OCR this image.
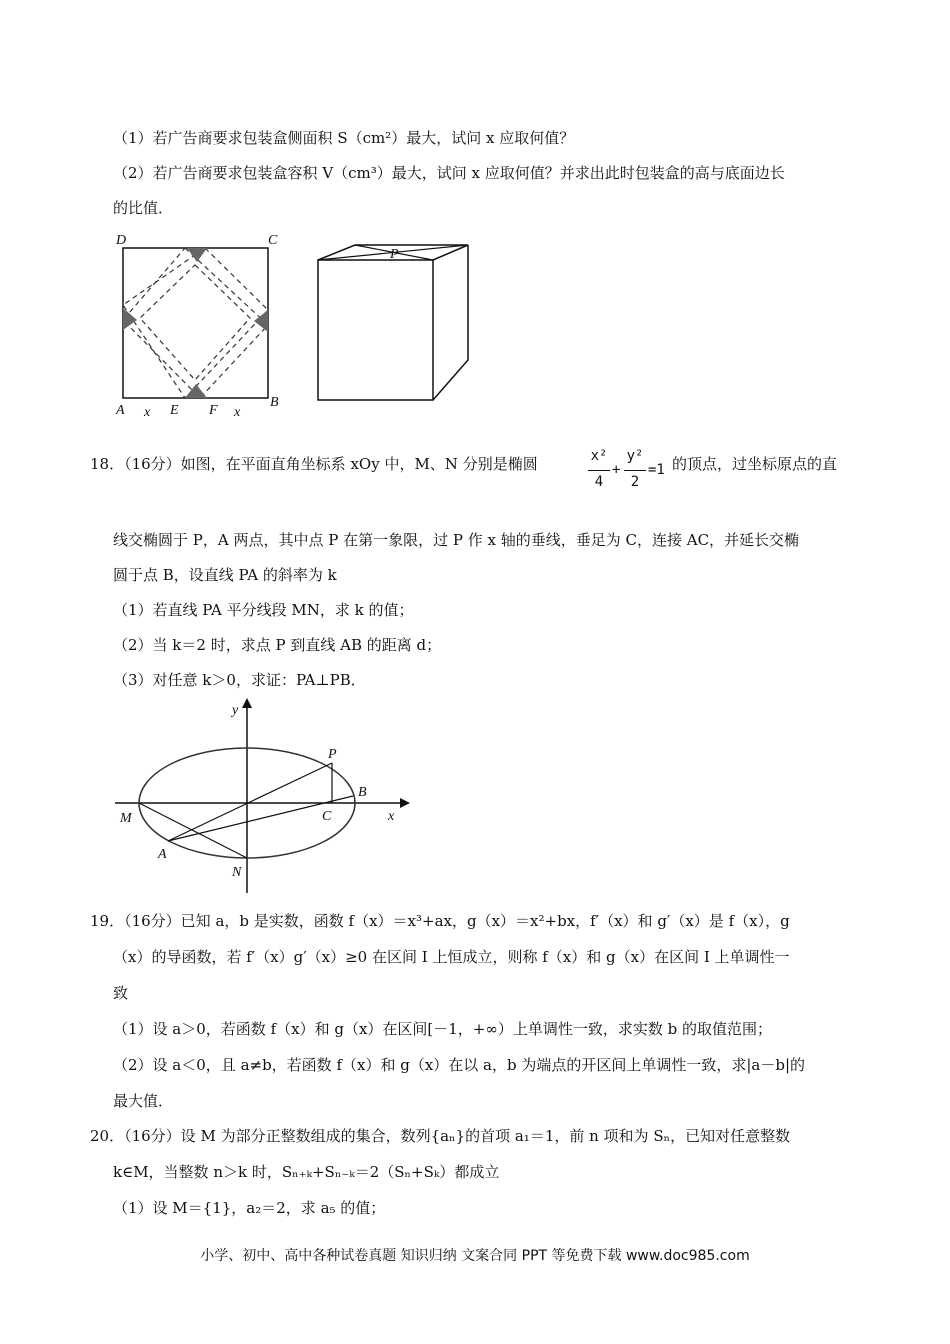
（1）若广告商要求包装盒侧面积 S（cm²）最大，试问 x 应取何值？
（2）若广告商要求包装盒容积 V（cm³）最大，试问 x 应取何值？并求出此时包装盒的高与底面边长
的比值．
D	C
A x E F x
B
P
18．（16分）如图，在平面直角坐标系 xOy 中，M、N 分别是椭圆	x²
4
+
y²
2
=1 的顶点，过坐标原点的直
线交椭圆于 P，A 两点，其中点 P 在第一象限，过 P 作 x 轴的垂线，垂足为 C，连接 AC，并延长交椭
圆于点 B，设直线 PA 的斜率为 k
（1）若直线 PA 平分线段 MN，求 k 的值；
（2）当 k＝2 时，求点 P 到直线 AB 的距离 d；
（3）对任意 k＞0，求证：PA⊥PB．
y
P
B
M	C	x
A
N
19．（16分）已知 a，b 是实数，函数 f（x）＝x³+ax，g（x）＝x²+bx，f′（x）和 g′（x）是 f（x），g
（x）的导函数，若 f′（x）g′（x）≥0 在区间 I 上恒成立，则称 f（x）和 g（x）在区间 I 上单调性一
致
（1）设 a＞0，若函数 f（x）和 g（x）在区间[－1，+∞）上单调性一致，求实数 b 的取值范围；
（2）设 a＜0，且 a≠b，若函数 f（x）和 g（x）在以 a，b 为端点的开区间上单调性一致，求|a－b|的
最大值．
20．（16分）设 M 为部分正整数组成的集合，数列{aₙ}的首项 a₁＝1，前 n 项和为 Sₙ，已知对任意整数
k∈M，当整数 n＞k 时，Sₙ₊ₖ+Sₙ₋ₖ＝2（Sₙ+Sₖ）都成立
（1）设 M＝{1}，a₂＝2，求 a₅ 的值；
小学、初中、高中各种试卷真题 知识归纳 文案合同 PPT 等免费下载 www.doc985.com
